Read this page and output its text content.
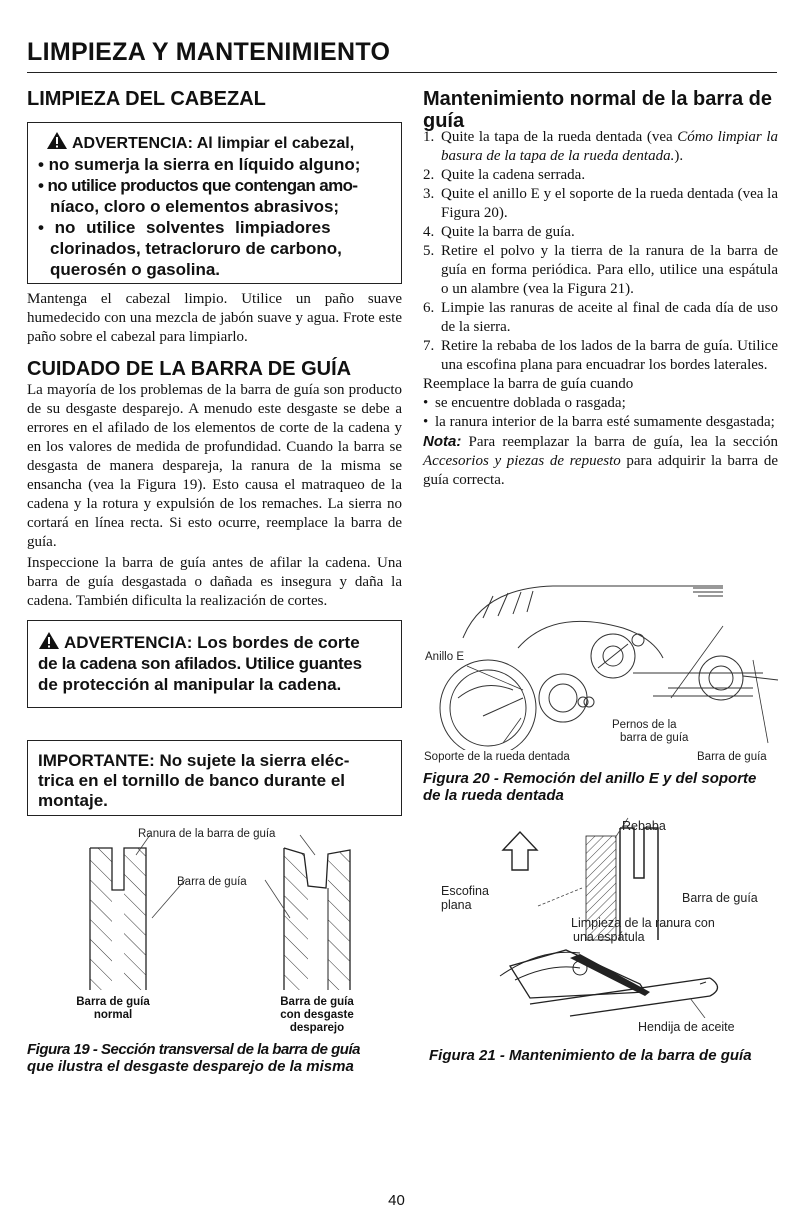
LIMPIEZA Y MANTENIMIENTO
LIMPIEZA DEL CABEZAL
ADVERTENCIA: Al limpiar el cabezal,
• no sumerja la sierra en líquido alguno;
• no utilice productos que contengan amo-
níaco, cloro o elementos abrasivos;
• no utilice solventes limpiadores
clorinados, tetracloruro de carbono,
querosén o gasolina.

Mantenga el cabezal limpio. Utilice un paño suave humedecido con una mezcla de jabón suave y agua. Frote este paño sobre el cabezal para limpiarlo.

CUIDADO DE LA BARRA DE GUÍA

La mayoría de los problemas de la barra de guía son producto de su desgaste desparejo. A menudo este desgaste se debe a errores en el afilado de los elementos de corte de la cadena y en los valores de medida de profundidad. Cuando la barra se desgasta de manera despareja, la ranura de la misma se ensancha (vea la Figura 19). Esto causa el matraqueo de la cadena y la rotura y expulsión de los remaches. La sierra no cortará en línea recta. Si esto ocurre, reemplace la barra de guía.

Inspeccione la barra de guía antes de afilar la cadena. Una barra de guía desgastada o dañada es insegura y daña la cadena. También dificulta la realización de cortes.

ADVERTENCIA: Los bordes de corte
de la cadena son afilados. Utilice guantes
de protección al manipular la cadena.
IMPORTANTE: No sujete la sierra eléc-
trica en el tornillo de banco durante el
montaje.
Ranura de la barra de guía
Barra de guía
Barra de guía
normal
Barra de guía
con desgaste
desparejo
Figura 19 - Sección transversal de la barra de guía
que ilustra el desgaste desparejo de la misma
Mantenimiento normal de la barra de
guía
1. Quite la tapa de la rueda dentada (vea Cómo limpiar la basura de la tapa de la rueda dentada.).
2. Quite la cadena serrada.
3. Quite el anillo E y el soporte de la rueda dentada (vea la Figura 20).
4. Quite la barra de guía.
5. Retire el polvo y la tierra de la ranura de la barra de guía en forma periódica. Para ello, utilice una espátula o un alambre (vea la Figura 21).
6. Limpie las ranuras de aceite al final de cada día de uso de la sierra.
7. Retire la rebaba de los lados de la barra de guía. Utilice una escofina plana para encuadrar los bordes laterales.

Reemplace la barra de guía cuando

• se encuentre doblada o rasgada;
• la ranura interior de la barra esté sumamente desgastada;

Nota: Para reemplazar la barra de guía, lea la sección Accesorios y piezas de repuesto para adquirir la barra de guía correcta.

Anillo E
Pernos de la
barra de guía
Soporte de la rueda dentada	Barra de guía
Figura 20 - Remoción del anillo E y del soporte
de la rueda dentada
Rebaba
Escofina
plana	Barra de guía
Limpieza de la ranura con
una espátula
Hendija de aceite
Figura 21 - Mantenimiento de la barra de guía
40
